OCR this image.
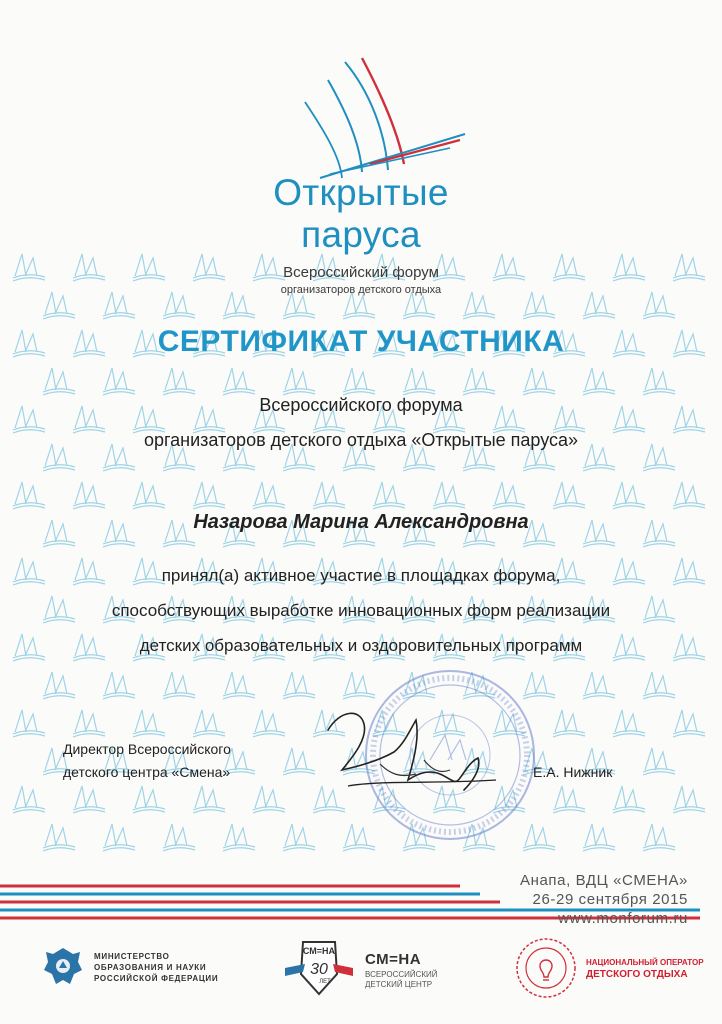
Открытые
паруса
Всероссийский форум
организаторов детского отдыха
СЕРТИФИКАТ УЧАСТНИКА
Всероссийского форума
организаторов детского отдыха «Открытые паруса»
Назарова Марина Александровна
принял(а) активное участие в площадках форума,
способствующих выработке инновационных форм реализации
детских образовательных и оздоровительных программ
Директор Всероссийского
детского центра «Смена»	Е.А. Нижник
Анапа, ВДЦ «СМЕНА»
26-29 сентября 2015
www.monforum.ru
МИНИСТЕРСТВО
ОБРАЗОВАНИЯ И НАУКИ
РОССИЙСКОЙ ФЕДЕРАЦИИ
СМ=НА
30
ЛЕТ
СМ=НА
ВСЕРОССИЙСКИЙ
ДЕТСКИЙ ЦЕНТР
НАЦИОНАЛЬНЫЙ ОПЕРАТОР
ДЕТСКОГО ОТДЫХА
